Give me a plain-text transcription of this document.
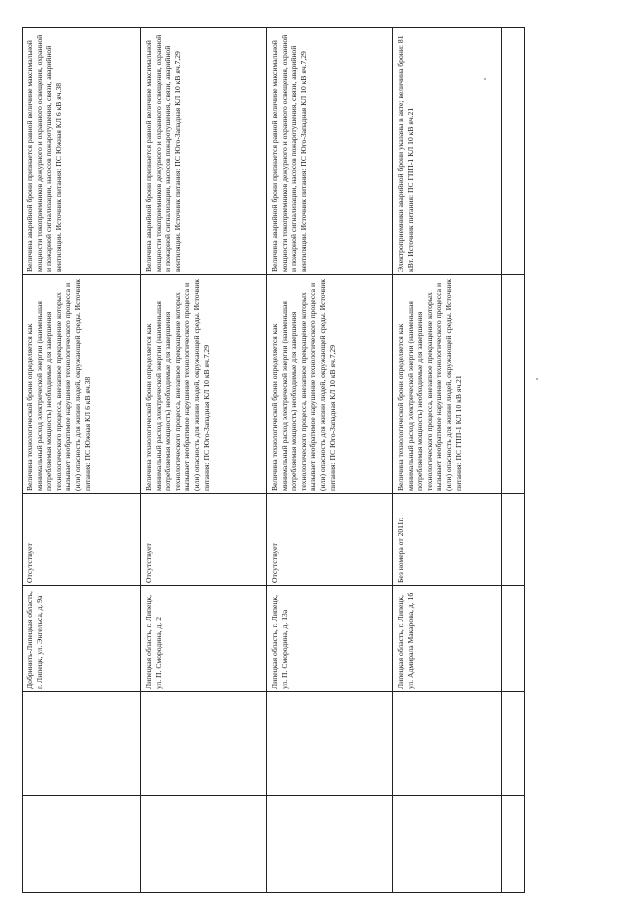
Величина аварийной брони признается равной величине максимальной мощности токоприемников дежурного и охранного освещения, охранной и пожарной сигнализации, насосов пожаротушения, связи, аварийной вентиляции. Источник питания: ПС Южная КЛ 6 кВ яч.38
Величина технологической брони определяется как минимальный расход электрической энергии (наименьшая потребляемая мощность) необходимые для завершения технологического процесса, внезапное прекращение которых вызывает необратимое нарушение технологического процесса и (или) опасность для жизни людей, окружающей среды. Источник питания: ПС Южная КЛ 6 кВ яч.38
Отсутствует
Добринить-Липецкая область, г. Липецк, ул. Энгельса, д. 9а
Величина аварийной брони признается равной величине максимальной мощности токоприемников дежурного и охранного освещения, охранной и пожарной сигнализации, насосов пожаротушения, связи, аварийной вентиляции. Источник питания: ПС Юго-Западная КЛ 10 кВ яч.7,29
Величина технологической брони определяется как минимальный расход электрической энергии (наименьшая потребляемая мощность) необходимые для завершения технологического процесса, внезапное прекращение которых вызывает необратимое нарушение технологического процесса и (или) опасность для жизни людей, окружающей среды. Источник питания: ПС Юго-Западная КЛ 10 кВ яч.7,29
Отсутствует
Липецкая область, г. Липецк, ул. П. Смородина, д. 2
Величина аварийной брони признается равной величине максимальной мощности токоприемников дежурного и охранного освещения, охранной и пожарной сигнализации, насосов пожаротушения, связи, аварийной вентиляции. Источник питания: ПС Юго-Западная КЛ 10 кВ яч.7,29
Величина технологической брони определяется как минимальный расход электрической энергии (наименьшая потребляемая мощность) необходимые для завершения технологического процесса, внезапное прекращение которых вызывает необратимое нарушение технологического процесса и (или) опасность для жизни людей, окружающей среды. Источник питания: ПС Юго-Западная КЛ 10 кВ яч.7,29
Отсутствует
Липецкая область, г. Липецк, ул. П. Смородина, д. 13а
Электроприемники аварийной брони указаны в акте; величина брони: 81 кВт. Источник питания: ПС ГПП-1 КЛ 10 кВ яч.21
Величина технологической брони определяется как минимальный расход электрической энергии (наименьшая потребляемая мощность) необходимые для завершения технологического процесса, внезапное прекращение которых вызывает необратимое нарушение технологического процесса и (или) опасность для жизни людей, окружающей среды. Источник питания: ПС ГПП-1 КЛ 10 кВ яч.21
Без номера от 2011г.
Липецкая область, г. Липецк, ул. Адмирала Макарова, д. 1б
